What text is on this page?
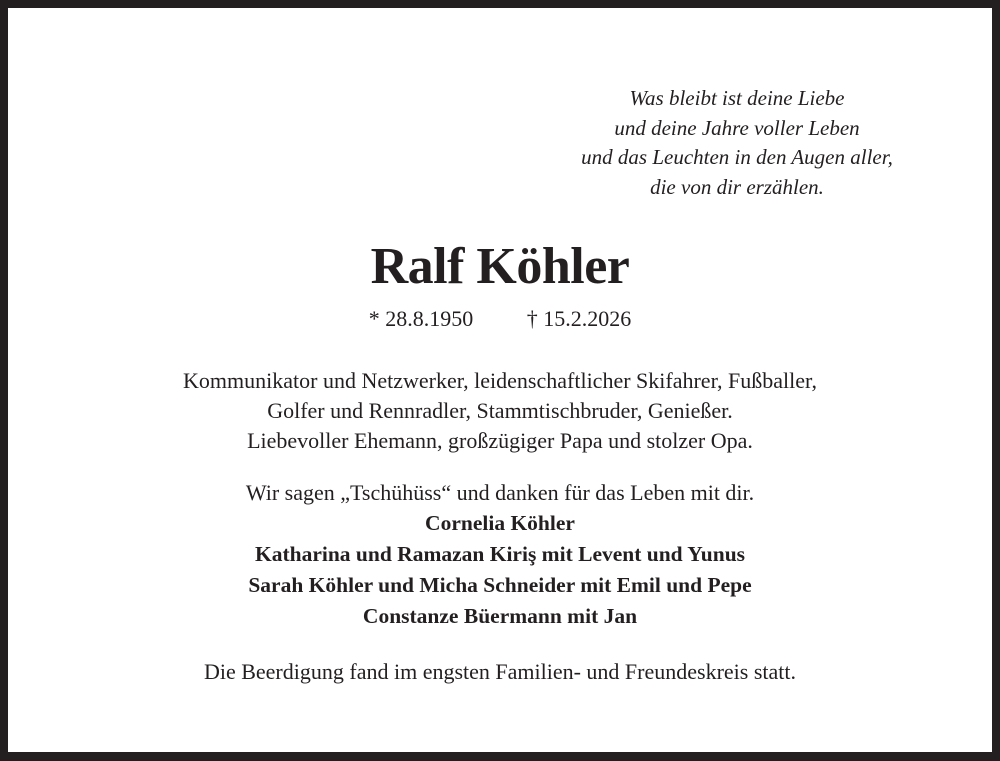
Was bleibt ist deine Liebe
und deine Jahre voller Leben
und das Leuchten in den Augen aller,
die von dir erzählen.
Ralf Köhler
* 28.8.1950 † 15.2.2026
Kommunikator und Netzwerker, leidenschaftlicher Skifahrer, Fußballer,
Golfer und Rennradler, Stammtischbruder, Genießer.
Liebevoller Ehemann, großzügiger Papa und stolzer Opa.
Wir sagen „Tschühüss“ und danken für das Leben mit dir.
Cornelia Köhler
Katharina und Ramazan Kiriş mit Levent und Yunus
Sarah Köhler und Micha Schneider mit Emil und Pepe
Constanze Büermann mit Jan
Die Beerdigung fand im engsten Familien- und Freundeskreis statt.
